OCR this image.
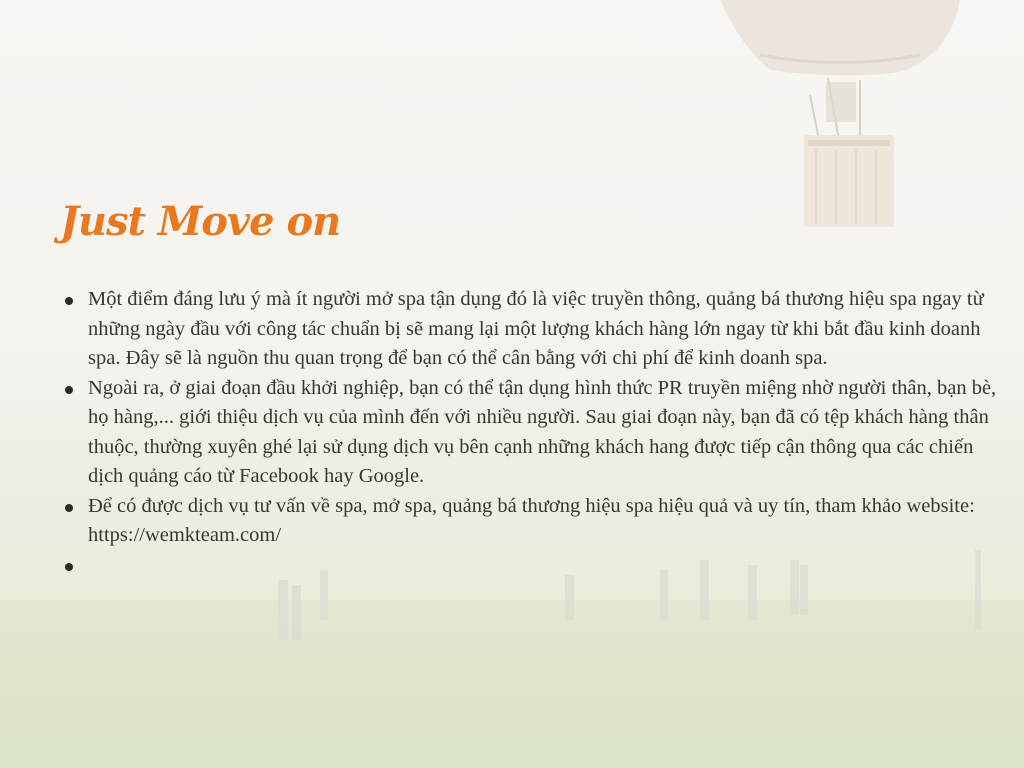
Just Move on
Một điểm đáng lưu ý mà ít người mở spa tận dụng đó là việc truyền thông, quảng bá thương hiệu spa ngay từ những ngày đầu với công tác chuẩn bị sẽ mang lại một lượng khách hàng lớn ngay từ khi bắt đầu kinh doanh spa. Đây sẽ là nguồn thu quan trọng để bạn có thể cân bằng với chi phí để kinh doanh spa.
Ngoài ra, ở giai đoạn đầu khởi nghiệp, bạn có thể tận dụng hình thức PR truyền miệng nhờ người thân, bạn bè, họ hàng,... giới thiệu dịch vụ của mình đến với nhiều người. Sau giai đoạn này, bạn đã có tệp khách hàng thân thuộc, thường xuyên ghé lại sử dụng dịch vụ bên cạnh những khách hang được tiếp cận thông qua các chiến dịch quảng cáo từ Facebook hay Google.
Để có được dịch vụ tư vấn về spa, mở spa, quảng bá thương hiệu spa hiệu quả và uy tín, tham khảo website: https://wemkteam.com/
